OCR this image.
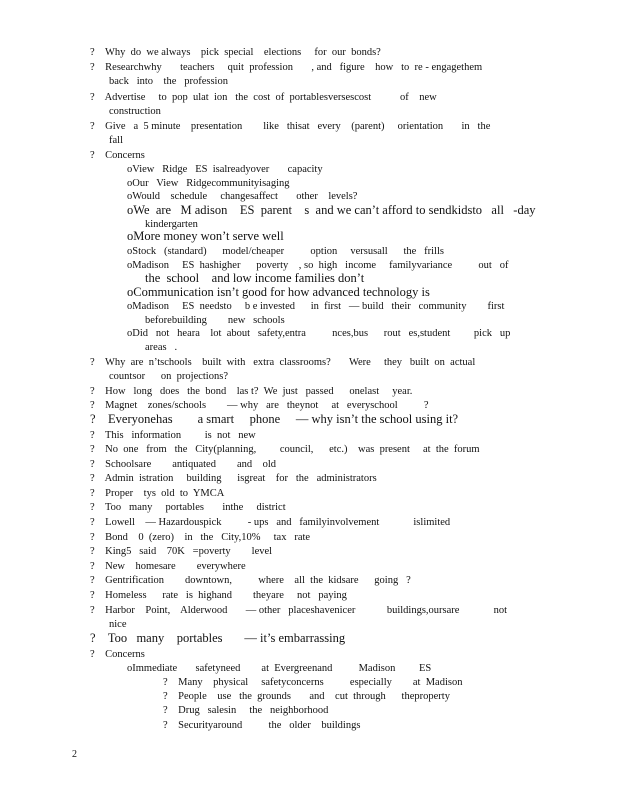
?    Why  do  we always    pick  special    elections     for  our  bonds?
?    Researchwhy       teachers     quit  profession       , and   figure    how   to  re - engagethem
back   into    the   profession
?    Advertise     to  pop  ulat  ion   the  cost  of  portablesversescost           of    new
construction
?    Give   a  5 minute    presentation        like   thisat   every    (parent)     orientation       in   the
fall
?    Concerns
oView   Ridge   ES  isalreadyover       capacity
oOur   View   Ridgecommunityisaging
oWould    schedule     changesaffect       other    levels?
oWe  are   M adison    ES  parent    s  and we can’t afford to sendkidsto   all   -day
kindergarten
oMore money won’t serve well
oStock   (standard)      model/cheaper          option     versusall      the   frills
oMadison     ES  hashigher      poverty    , so  high   income     familyvariance          out   of
the  school    and low income families don’t
oCommunication isn’t good for how advanced technology is
oMadison     ES  needsto     b e invested      in  first   — build   their   community        first
beforebuilding        new   schools
oDid   not   heara    lot  about   safety,entra          nces,bus      rout   es,student         pick   up
areas   .
?    Why  are  n’tschools    built  with   extra  classrooms?       Were     they   built  on  actual
countsor      on  projections?
?    How   long   does   the  bond    las t?  We  just   passed      onelast     year.
?    Magnet    zones/schools        — why   are   theynot     at   everyschool          ?
?    Everyonehas        a smart     phone     — why isn’t the school using it?
?    This   information         is  not   new
?    No  one   from   the   City(planning,         council,      etc.)    was  present     at  the  forum
?    Schoolsare        antiquated        and    old
?    Admin  istration     building      isgreat    for   the   administrators
?    Proper    tys  old  to  YMCA
?    Too   many     portables       inthe     district
?    Lowell    — Hazardouspick          - ups   and   familyinvolvement             islimited
?    Bond    0  (zero)    in   the   City,10%     tax   rate
?    King5   said    70K   =poverty        level
?    New    homesare        everywhere
?    Gentrification        downtown,          where    all  the  kidsare      going   ?
?    Homeless      rate   is  highand        theyare     not   paying
?    Harbor    Point,    Alderwood       — other   placeshavenicer            buildings,oursare             not
nice
?    Too   many    portables       — it’s embarrassing
?    Concerns
oImmediate       safetyneed        at  Evergreenand          Madison         ES
?    Many    physical     safetyconcerns          especially        at  Madison
?    People    use   the  grounds       and    cut  through      theproperty
?    Drug   salesin     the   neighborhood
?    Securityaround          the   older    buildings
2
